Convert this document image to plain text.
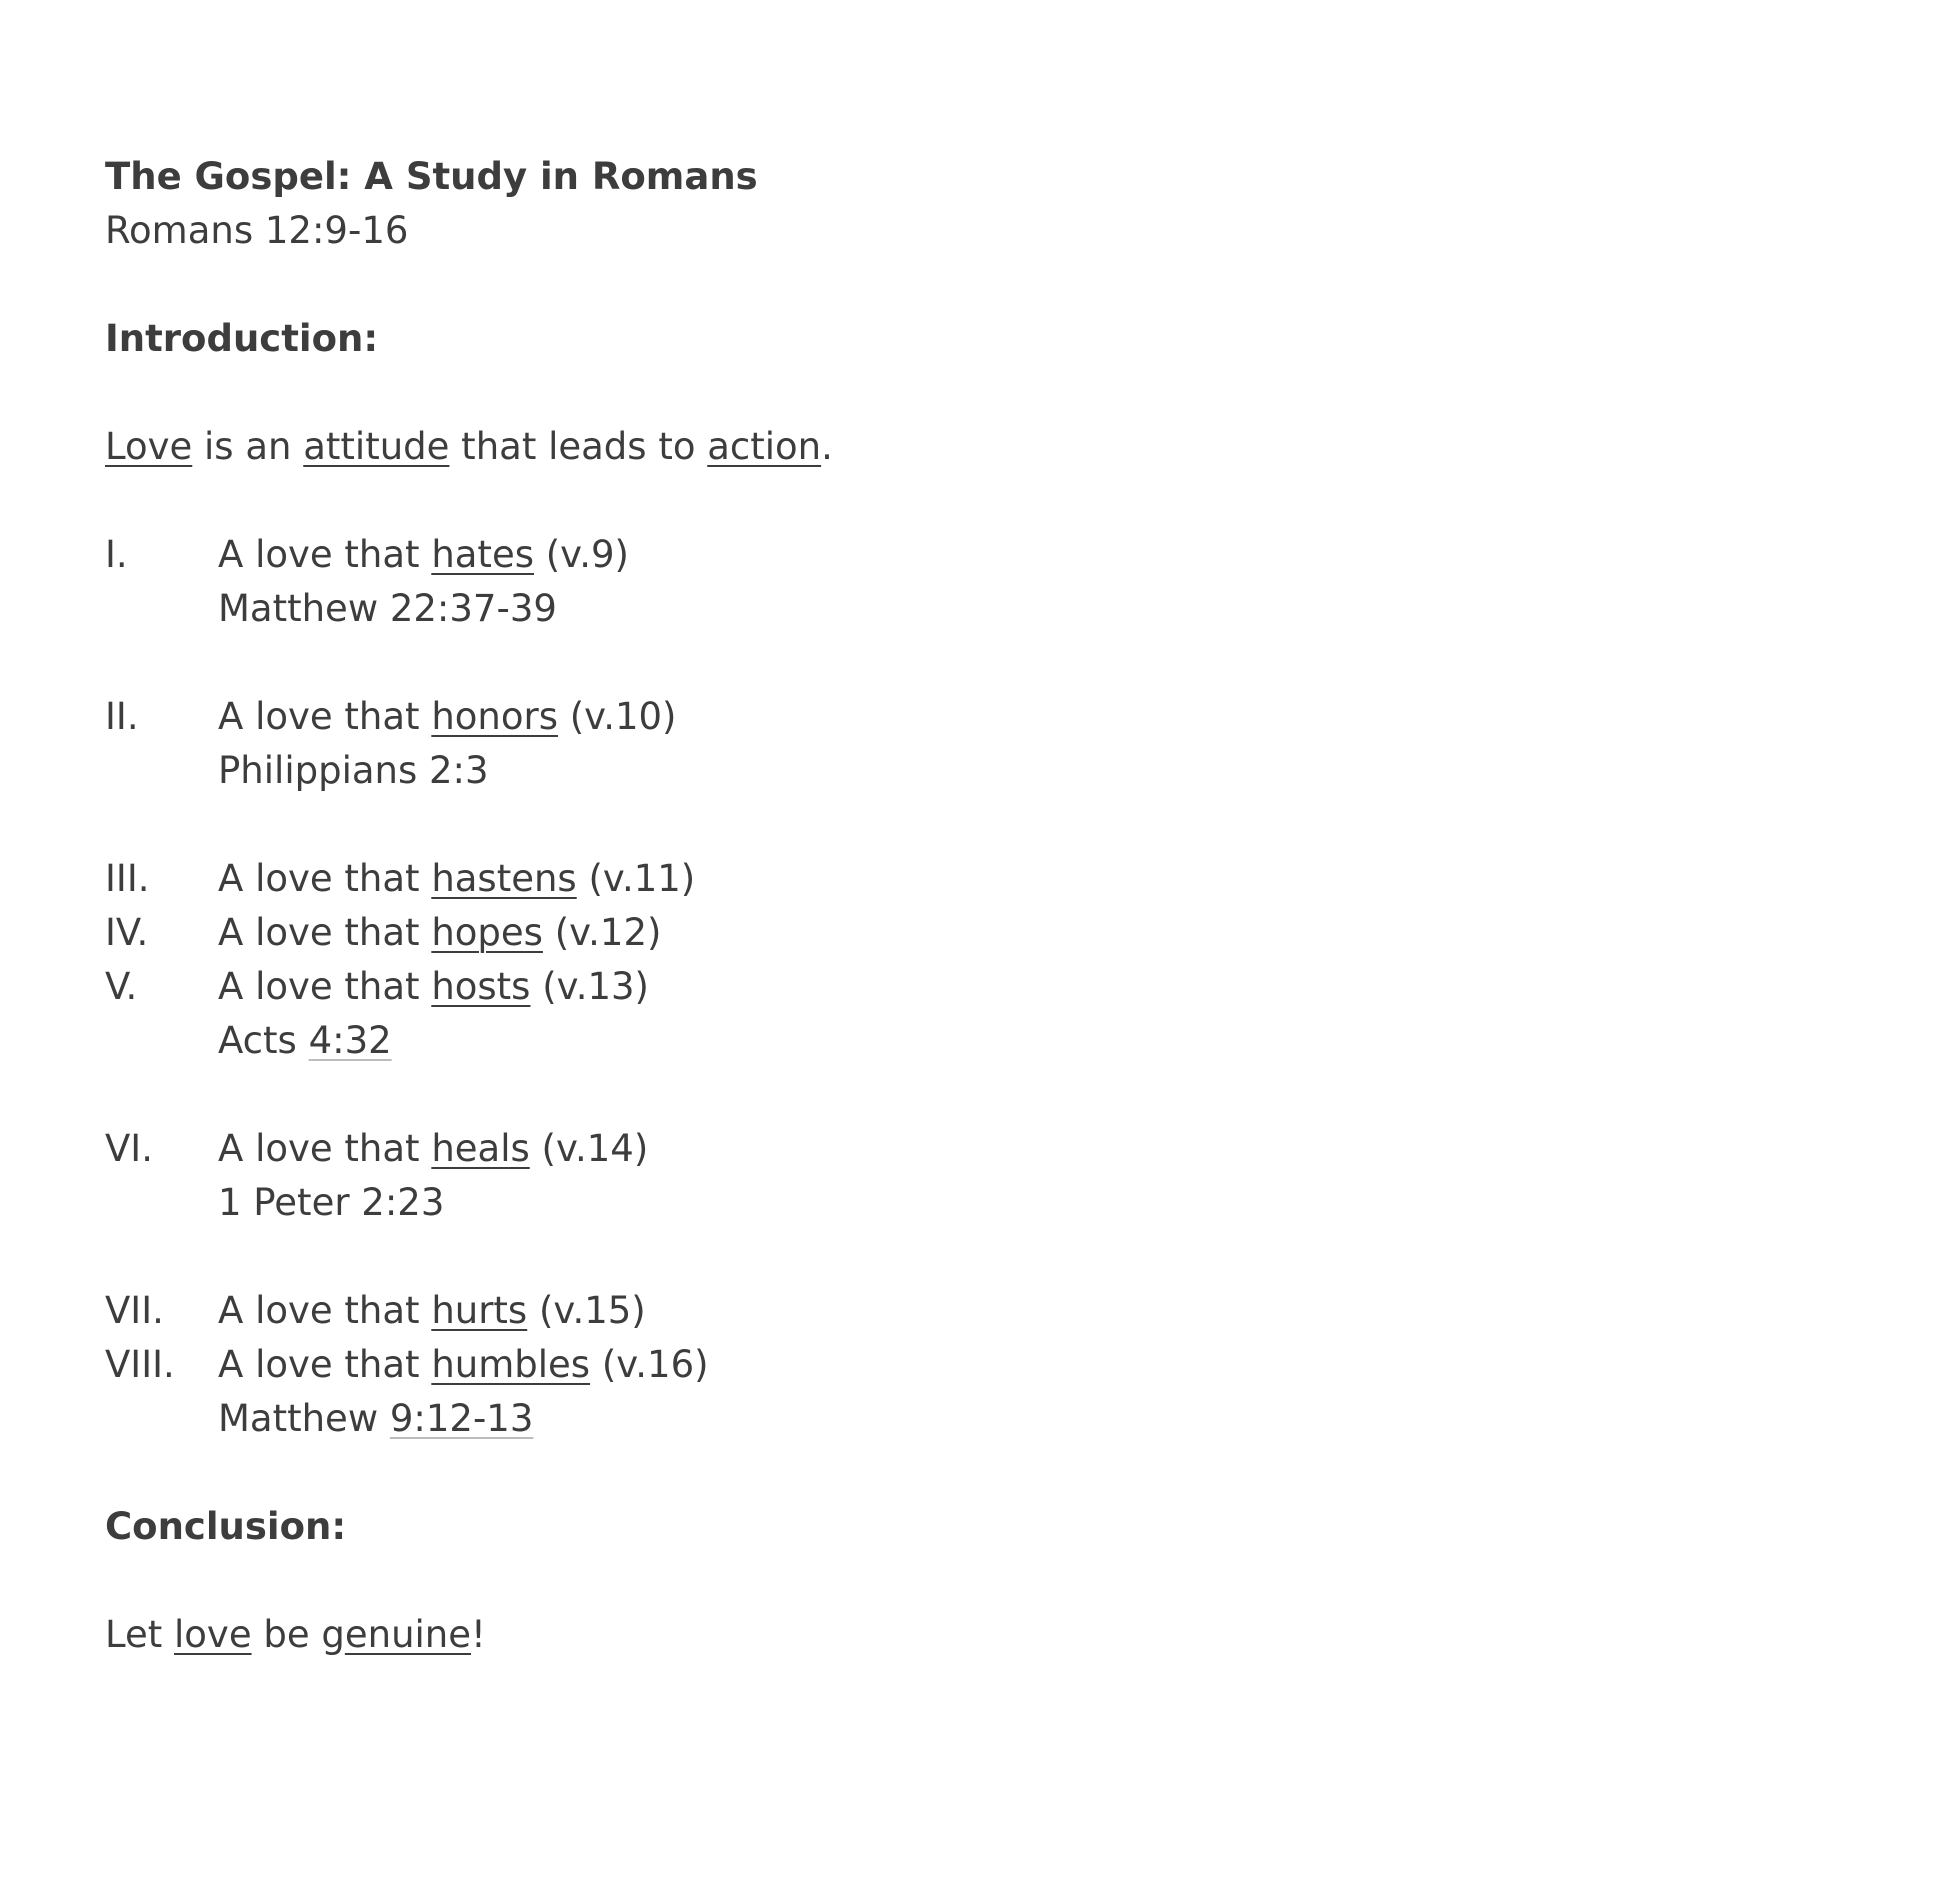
The Gospel: A Study in Romans
Romans 12:9-16
Introduction:
Love is an attitude that leads to action.
I.	A love that hates (v.9)
Matthew 22:37-39
II.	A love that honors (v.10)
Philippians 2:3
III.	A love that hastens (v.11)
IV.	A love that hopes (v.12)
V.	A love that hosts (v.13)
Acts 4:32
VI.	A love that heals (v.14)
1 Peter 2:23
VII.	A love that hurts (v.15)
VIII.	A love that humbles (v.16)
Matthew 9:12-13
Conclusion:
Let love be genuine!
